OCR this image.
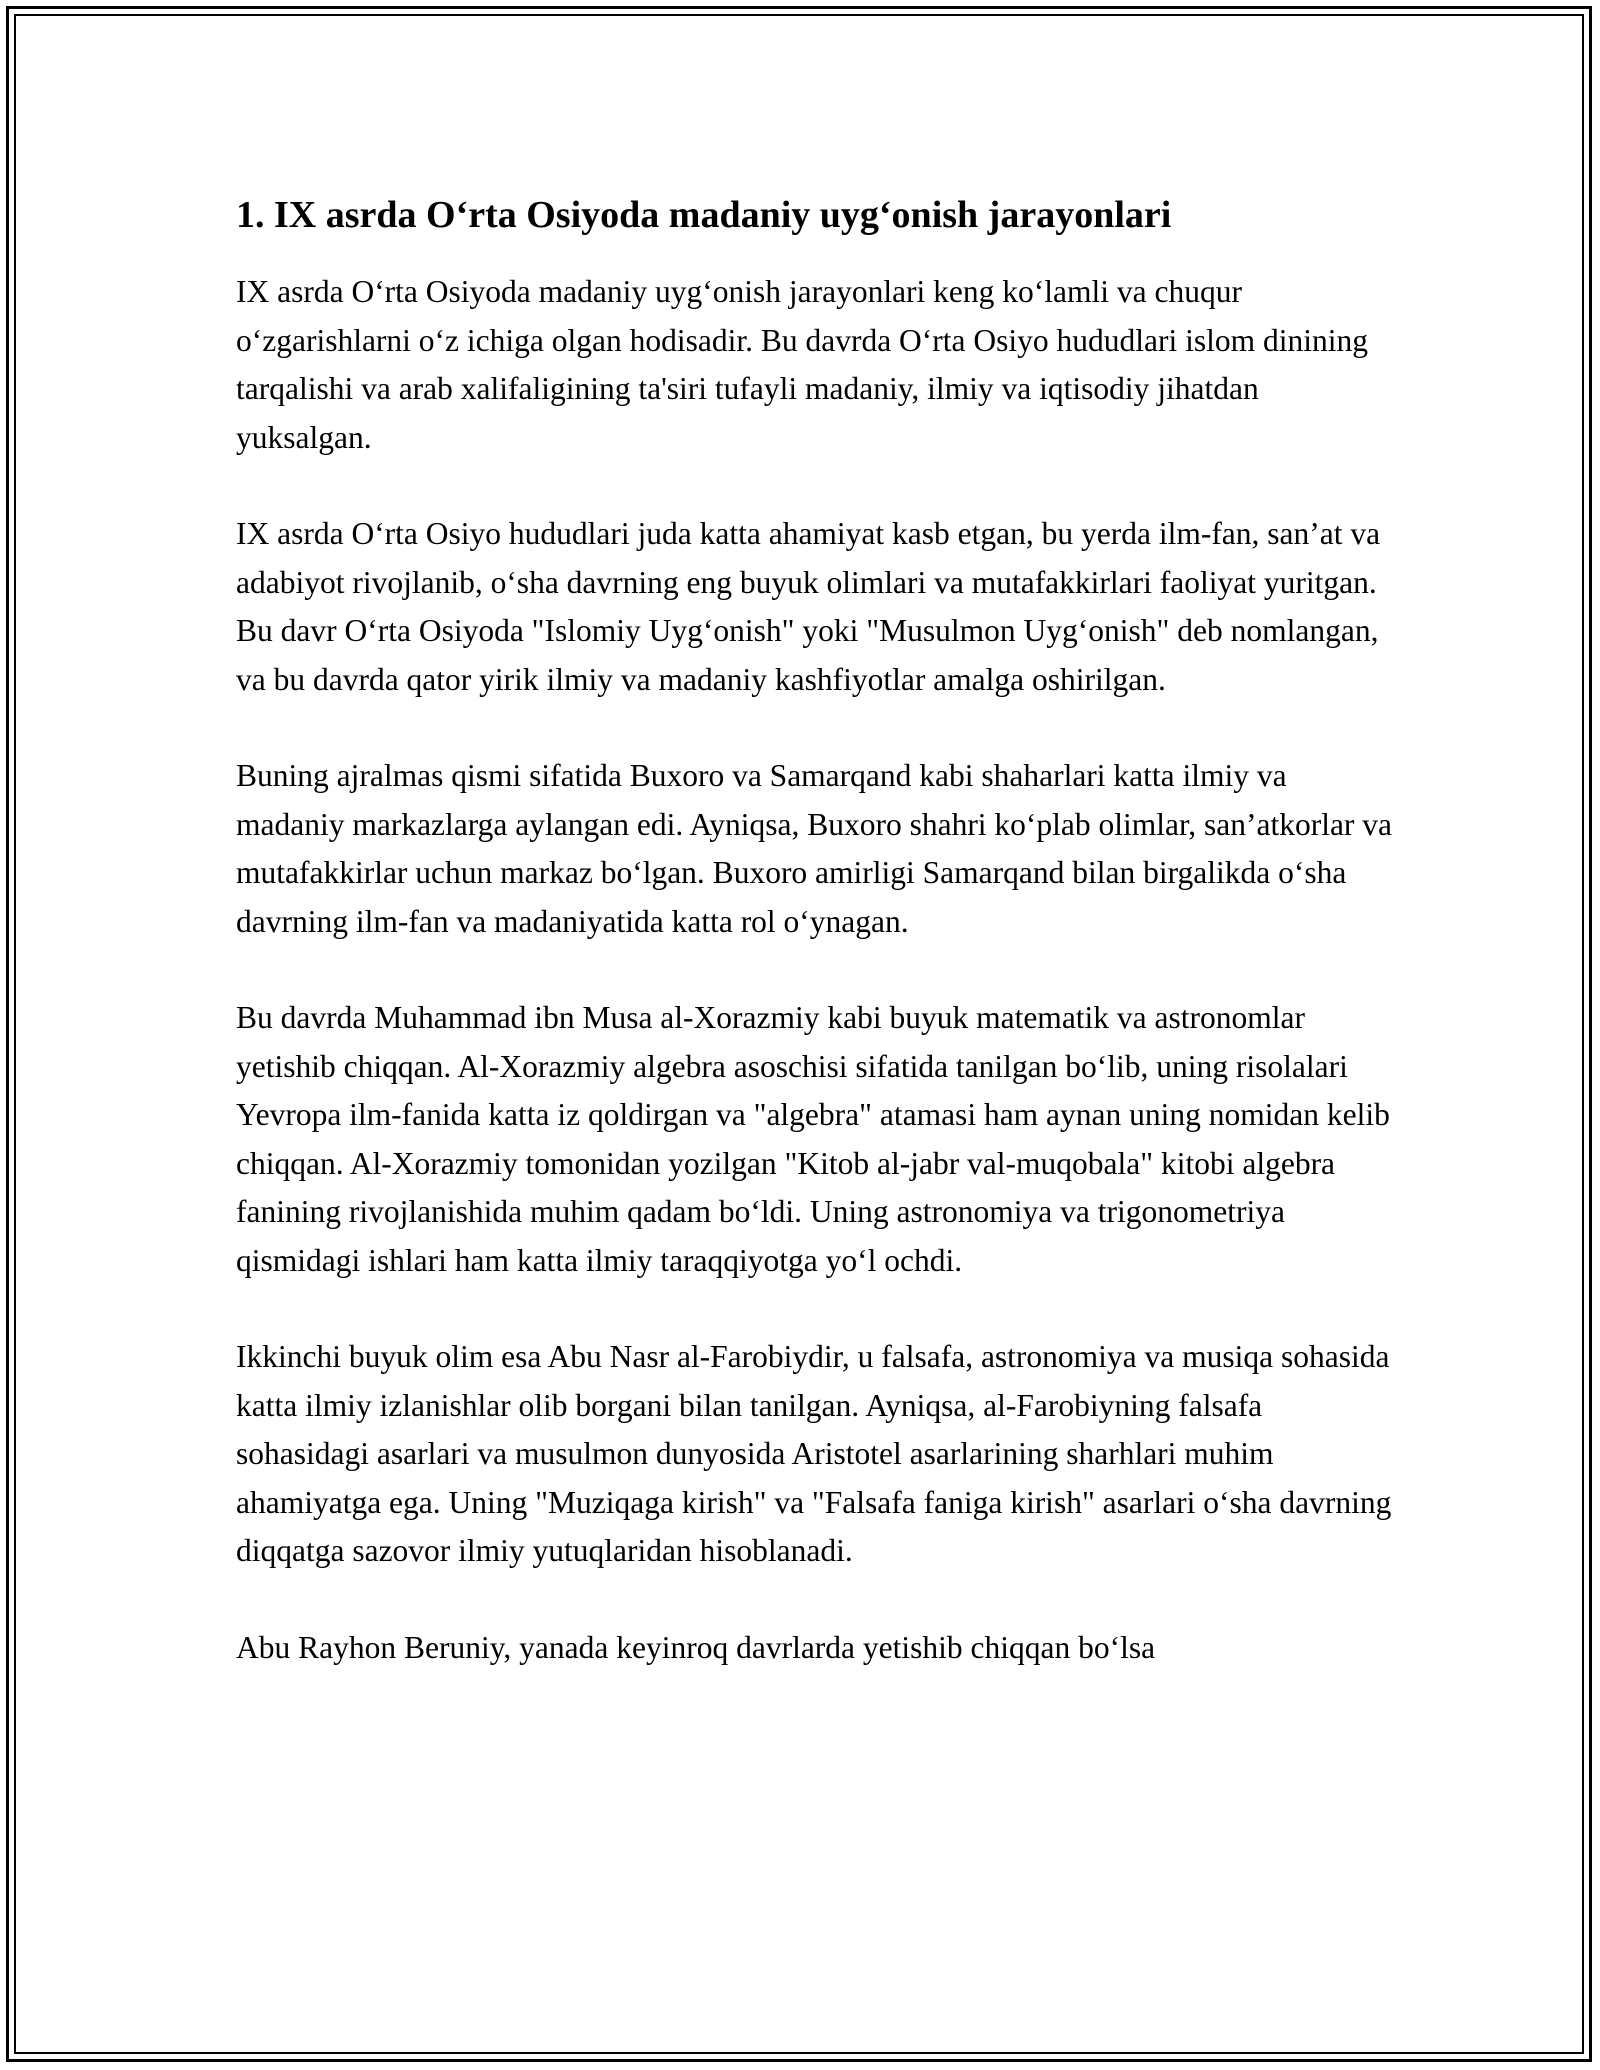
1. IX asrda O‘rta Osiyoda madaniy uyg‘onish jarayonlari

IX asrda O‘rta Osiyoda madaniy uyg‘onish jarayonlari keng ko‘lamli va chuqur o‘zgarishlarni o‘z ichiga olgan hodisadir. Bu davrda O‘rta Osiyo hududlari islom dinining tarqalishi va arab xalifaligining ta'siri tufayli madaniy, ilmiy va iqtisodiy jihatdan yuksalgan.

IX asrda O‘rta Osiyo hududlari juda katta ahamiyat kasb etgan, bu yerda ilm-fan, san’at va adabiyot rivojlanib, o‘sha davrning eng buyuk olimlari va mutafakkirlari faoliyat yuritgan. Bu davr O‘rta Osiyoda "Islomiy Uyg‘onish" yoki "Musulmon Uyg‘onish" deb nomlangan, va bu davrda qator yirik ilmiy va madaniy kashfiyotlar amalga oshirilgan.

Buning ajralmas qismi sifatida Buxoro va Samarqand kabi shaharlari katta ilmiy va madaniy markazlarga aylangan edi. Ayniqsa, Buxoro shahri ko‘plab olimlar, san’atkorlar va mutafakkirlar uchun markaz bo‘lgan. Buxoro amirligi Samarqand bilan birgalikda o‘sha davrning ilm-fan va madaniyatida katta rol o‘ynagan.

Bu davrda Muhammad ibn Musa al-Xorazmiy kabi buyuk matematik va astronomlar yetishib chiqqan. Al-Xorazmiy algebra asoschisi sifatida tanilgan bo‘lib, uning risolalari Yevropa ilm-fanida katta iz qoldirgan va "algebra" atamasi ham aynan uning nomidan kelib chiqqan. Al-Xorazmiy tomonidan yozilgan "Kitob al-jabr val-muqobala" kitobi algebra fanining rivojlanishida muhim qadam bo‘ldi. Uning astronomiya va trigonometriya qismidagi ishlari ham katta ilmiy taraqqiyotga yo‘l ochdi.

Ikkinchi buyuk olim esa Abu Nasr al-Farobiydir, u falsafa, astronomiya va musiqa sohasida katta ilmiy izlanishlar olib borgani bilan tanilgan. Ayniqsa, al-Farobiyning falsafa sohasidagi asarlari va musulmon dunyosida Aristotel asarlarining sharhlari muhim ahamiyatga ega. Uning "Muziqaga kirish" va "Falsafa faniga kirish" asarlari o‘sha davrning diqqatga sazovor ilmiy yutuqlaridan hisoblanadi.

Abu Rayhon Beruniy, yanada keyinroq davrlarda yetishib chiqqan bo‘lsa
